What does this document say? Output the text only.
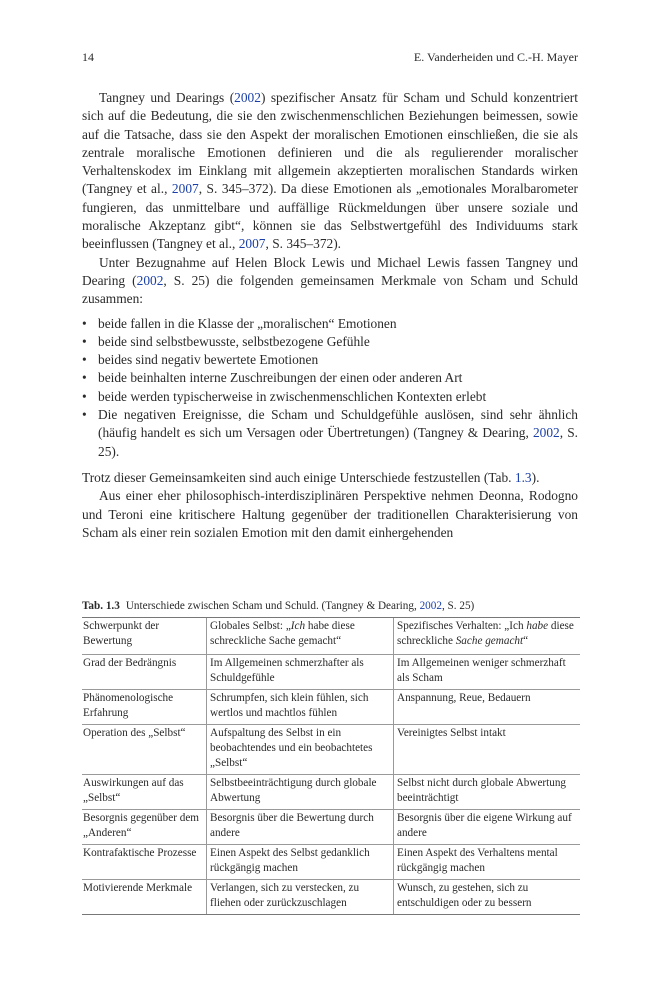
14	E. Vanderheiden und C.-H. Mayer

Tangney und Dearings (2002) spezifischer Ansatz für Scham und Schuld konzentriert sich auf die Bedeutung, die sie den zwischenmenschlichen Beziehungen beimessen, sowie auf die Tatsache, dass sie den Aspekt der moralischen Emotionen einschließen, die sie als zentrale moralische Emotionen definieren und die als regulierender moralischer Verhaltenskodex im Einklang mit allgemein akzeptierten moralischen Standards wirken (Tangney et al., 2007, S. 345–372). Da diese Emotionen als „emotionales Moralbarometer fungieren, das unmittelbare und auffällige Rückmeldungen über unsere soziale und moralische Akzeptanz gibt“, können sie das Selbstwertgefühl des Individuums stark beeinflussen (Tangney et al., 2007, S. 345–372).

Unter Bezugnahme auf Helen Block Lewis und Michael Lewis fassen Tangney und Dearing (2002, S. 25) die folgenden gemeinsamen Merkmale von Scham und Schuld zusammen:

• beide fallen in die Klasse der „moralischen“ Emotionen
• beide sind selbstbewusste, selbstbezogene Gefühle
• beides sind negativ bewertete Emotionen
• beide beinhalten interne Zuschreibungen der einen oder anderen Art
• beide werden typischerweise in zwischenmenschlichen Kontexten erlebt
• Die negativen Ereignisse, die Scham und Schuldgefühle auslösen, sind sehr ähnlich (häufig handelt es sich um Versagen oder Übertretungen) (Tangney & Dearing, 2002, S. 25).

Trotz dieser Gemeinsamkeiten sind auch einige Unterschiede festzustellen (Tab. 1.3).

Aus einer eher philosophisch-interdisziplinären Perspektive nehmen Deonna, Rodogno und Teroni eine kritischere Haltung gegenüber der traditionellen Charakterisierung von Scham als einer rein sozialen Emotion mit den damit einhergehenden

Tab. 1.3 Unterschiede zwischen Scham und Schuld. (Tangney & Dearing, 2002, S. 25)
Schwerpunkt der Bewertung	Globales Selbst: „Ich habe diese schreckliche Sache gemacht“	Spezifisches Verhalten: „Ich habe diese schreckliche Sache gemacht“
Grad der Bedrängnis	Im Allgemeinen schmerzhafter als Schuldgefühle	Im Allgemeinen weniger schmerzhaft als Scham
Phänomenologische Erfahrung	Schrumpfen, sich klein fühlen, sich wertlos und machtlos fühlen	Anspannung, Reue, Bedauern
Operation des „Selbst“	Aufspaltung des Selbst in ein beobachtendes und ein beobachtetes „Selbst“	Vereinigtes Selbst intakt
Auswirkungen auf das „Selbst“	Selbstbeeinträchtigung durch globale Abwertung	Selbst nicht durch globale Abwertung beeinträchtigt
Besorgnis gegenüber dem „Anderen“	Besorgnis über die Bewertung durch andere	Besorgnis über die eigene Wirkung auf andere
Kontrafaktische Prozesse	Einen Aspekt des Selbst gedanklich rückgängig machen	Einen Aspekt des Verhaltens mental rückgängig machen
Motivierende Merkmale	Verlangen, sich zu verstecken, zu fliehen oder zurückzuschlagen	Wunsch, zu gestehen, sich zu entschuldigen oder zu bessern
